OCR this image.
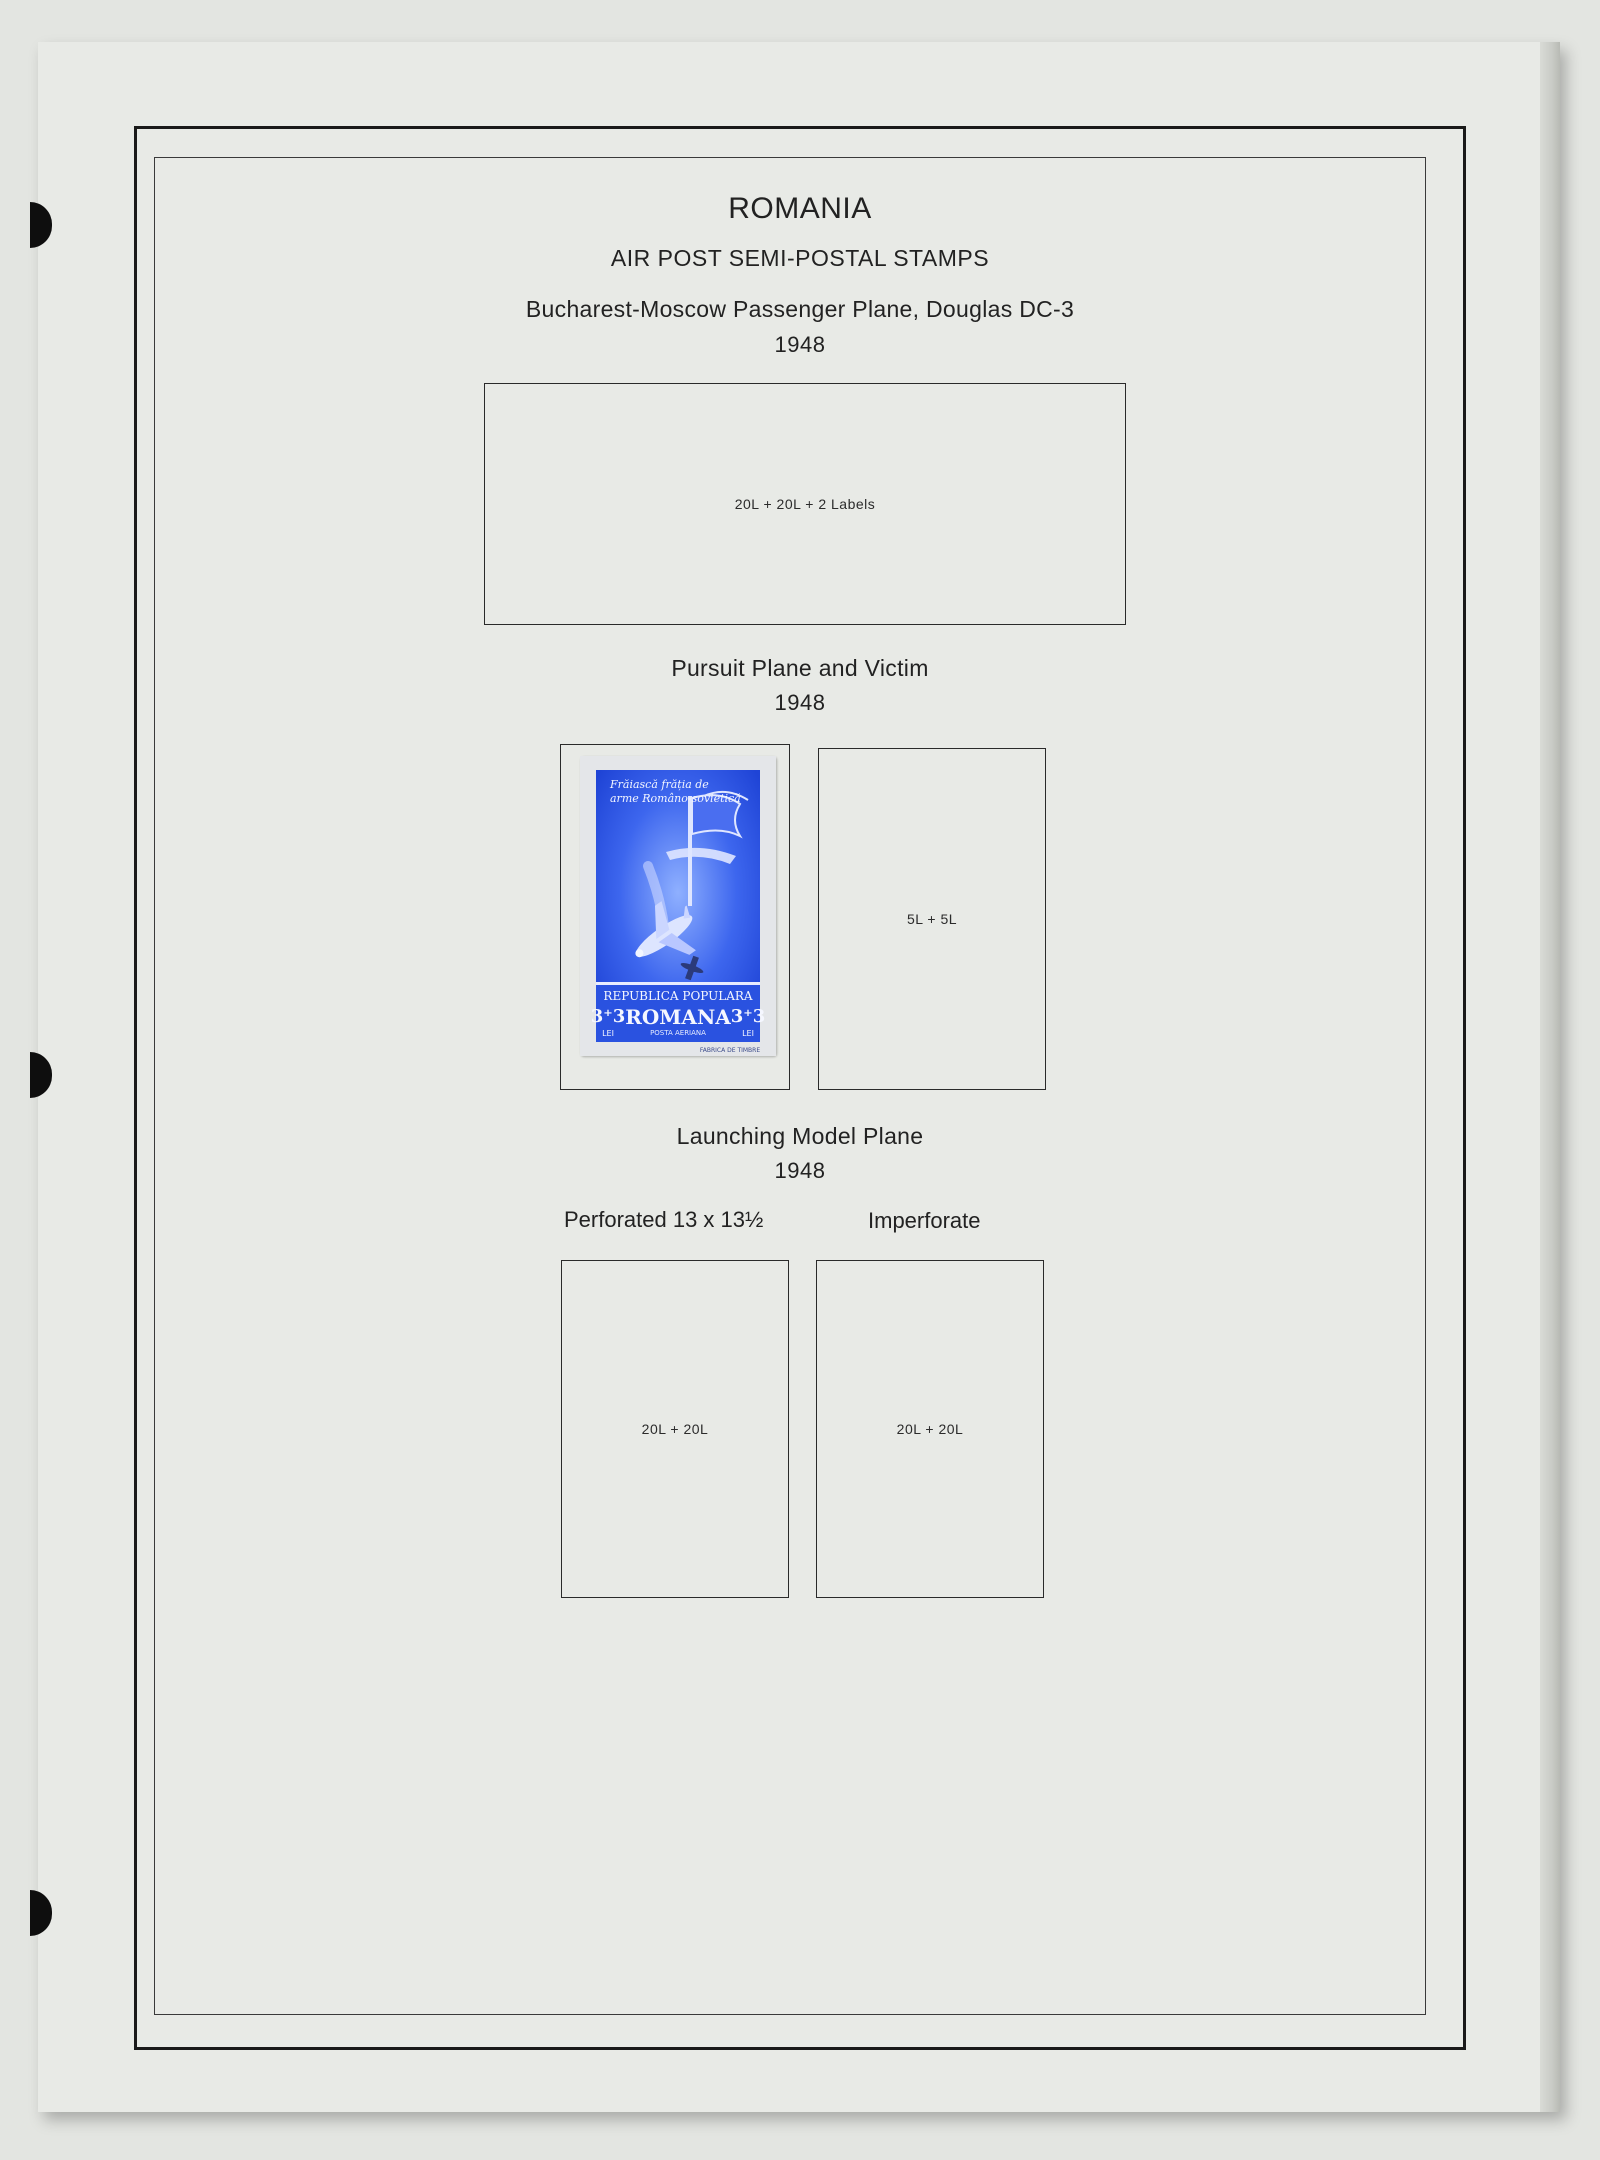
ROMANIA
AIR POST SEMI-POSTAL STAMPS
Bucharest-Moscow Passenger Plane, Douglas DC-3
1948
20L + 20L + 2 Labels
Pursuit Plane and Victim
1948
Frăiască frăția de
arme Româno-sovietică
REPUBLICA POPULARA
ROMANA
POSTA AERIANA
3⁺3	3⁺3
LEI	LEI
FABRICA DE TIMBRE
5L + 5L
Launching Model Plane
1948
Perforated 13 x 13½	Imperforate
20L + 20L	20L + 20L
